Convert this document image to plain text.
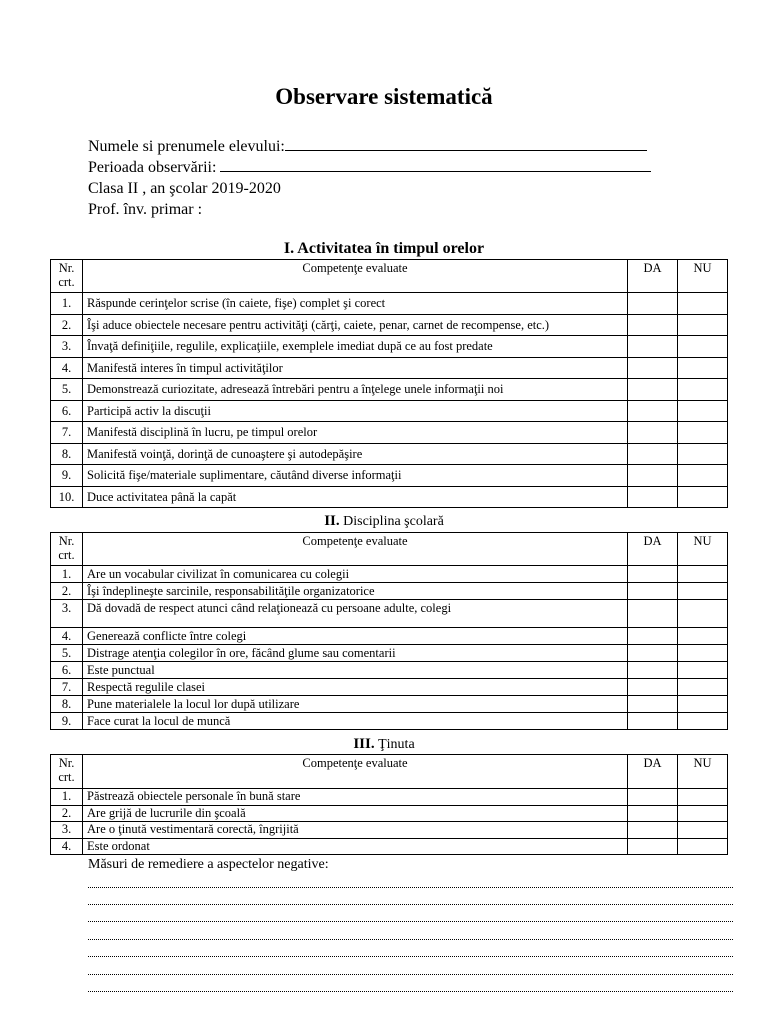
Observare sistematică
Numele si prenumele elevului:
Perioada observării:
Clasa II , an şcolar 2019-2020
Prof. înv. primar :
I. Activitatea în timpul orelor
Nr. crt.	Competenţe evaluate	DA	NU
1.	Răspunde cerinţelor scrise (în caiete, fişe) complet şi corect		
2.	Îşi aduce obiectele necesare pentru activităţi (cărţi, caiete, penar, carnet de recompense, etc.)		
3.	Învaţă definiţiile, regulile, explicaţiile, exemplele imediat după ce au fost predate		
4.	Manifestă interes în timpul activităţilor		
5.	Demonstrează curiozitate, adresează întrebări pentru a înţelege unele informaţii noi		
6.	Participă activ la discuţii		
7.	Manifestă disciplină în lucru, pe timpul orelor		
8.	Manifestă voinţă, dorinţă de cunoaştere şi autodepăşire		
9.	Solicită fişe/materiale suplimentare, căutând diverse informaţii		
10.	Duce activitatea până la capăt		
II. Disciplina şcolară
Nr. crt.	Competenţe evaluate	DA	NU
1.	Are un vocabular civilizat în comunicarea cu colegii		
2.	Îşi îndeplineşte sarcinile, responsabilităţile organizatorice		
3.	Dă dovadă de respect atunci când relaţionează cu persoane adulte, colegi		
4.	Generează conflicte între colegi		
5.	Distrage atenţia colegilor în ore, făcând glume sau comentarii		
6.	Este punctual		
7.	Respectă regulile clasei		
8.	Pune materialele la locul lor după utilizare		
9.	Face curat la locul de muncă		
III. Ţinuta
Nr. crt.	Competenţe evaluate	DA	NU
1.	Păstrează obiectele personale în bună stare		
2.	Are grijă de lucrurile din şcoală		
3.	Are o ţinută vestimentară corectă, îngrijită		
4.	Este ordonat		
Măsuri de remediere a aspectelor negative:
